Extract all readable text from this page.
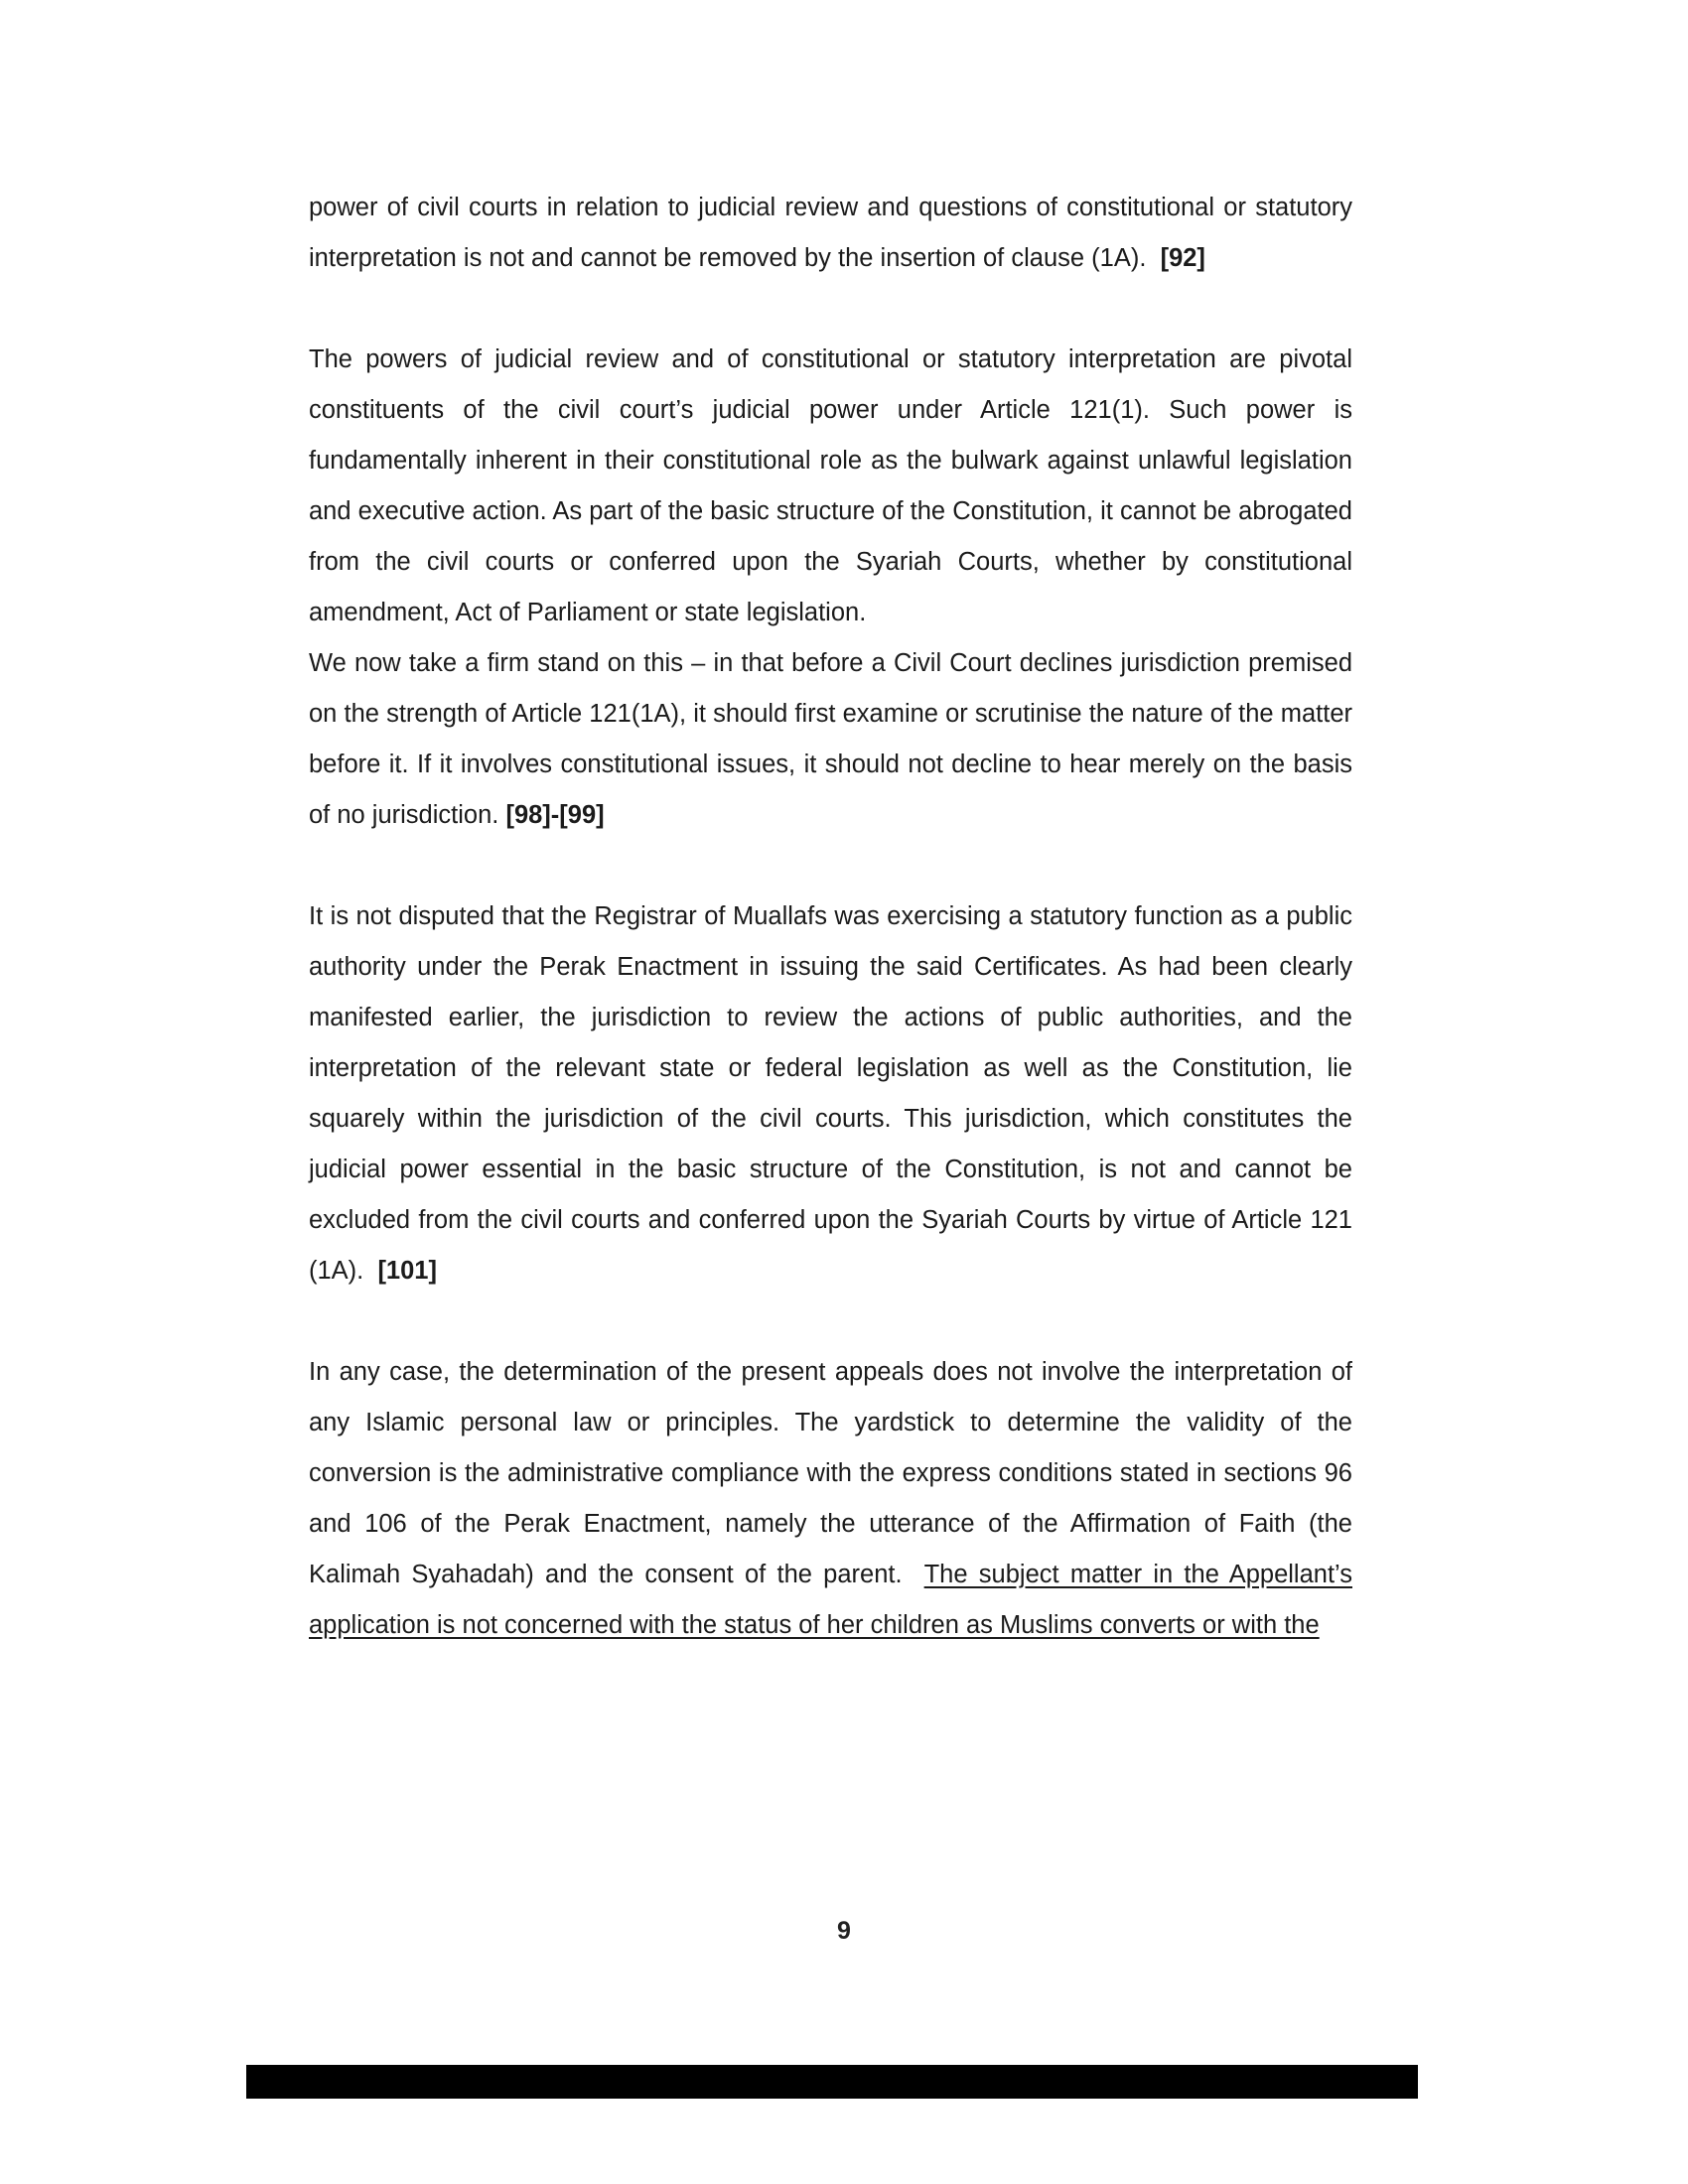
power of civil courts in relation to judicial review and questions of constitutional or statutory interpretation is not and cannot be removed by the insertion of clause (1A). [92]

The powers of judicial review and of constitutional or statutory interpretation are pivotal constituents of the civil court’s judicial power under Article 121(1). Such power is fundamentally inherent in their constitutional role as the bulwark against unlawful legislation and executive action. As part of the basic structure of the Constitution, it cannot be abrogated from the civil courts or conferred upon the Syariah Courts, whether by constitutional amendment, Act of Parliament or state legislation.

We now take a firm stand on this – in that before a Civil Court declines jurisdiction premised on the strength of Article 121(1A), it should first examine or scrutinise the nature of the matter before it. If it involves constitutional issues, it should not decline to hear merely on the basis of no jurisdiction. [98]-[99]

It is not disputed that the Registrar of Muallafs was exercising a statutory function as a public authority under the Perak Enactment in issuing the said Certificates. As had been clearly manifested earlier, the jurisdiction to review the actions of public authorities, and the interpretation of the relevant state or federal legislation as well as the Constitution, lie squarely within the jurisdiction of the civil courts. This jurisdiction, which constitutes the judicial power essential in the basic structure of the Constitution, is not and cannot be excluded from the civil courts and conferred upon the Syariah Courts by virtue of Article 121 (1A). [101]

In any case, the determination of the present appeals does not involve the interpretation of any Islamic personal law or principles. The yardstick to determine the validity of the conversion is the administrative compliance with the express conditions stated in sections 96 and 106 of the Perak Enactment, namely the utterance of the Affirmation of Faith (the Kalimah Syahadah) and the consent of the parent. The subject matter in the Appellant’s application is not concerned with the status of her children as Muslims converts or with the

9
